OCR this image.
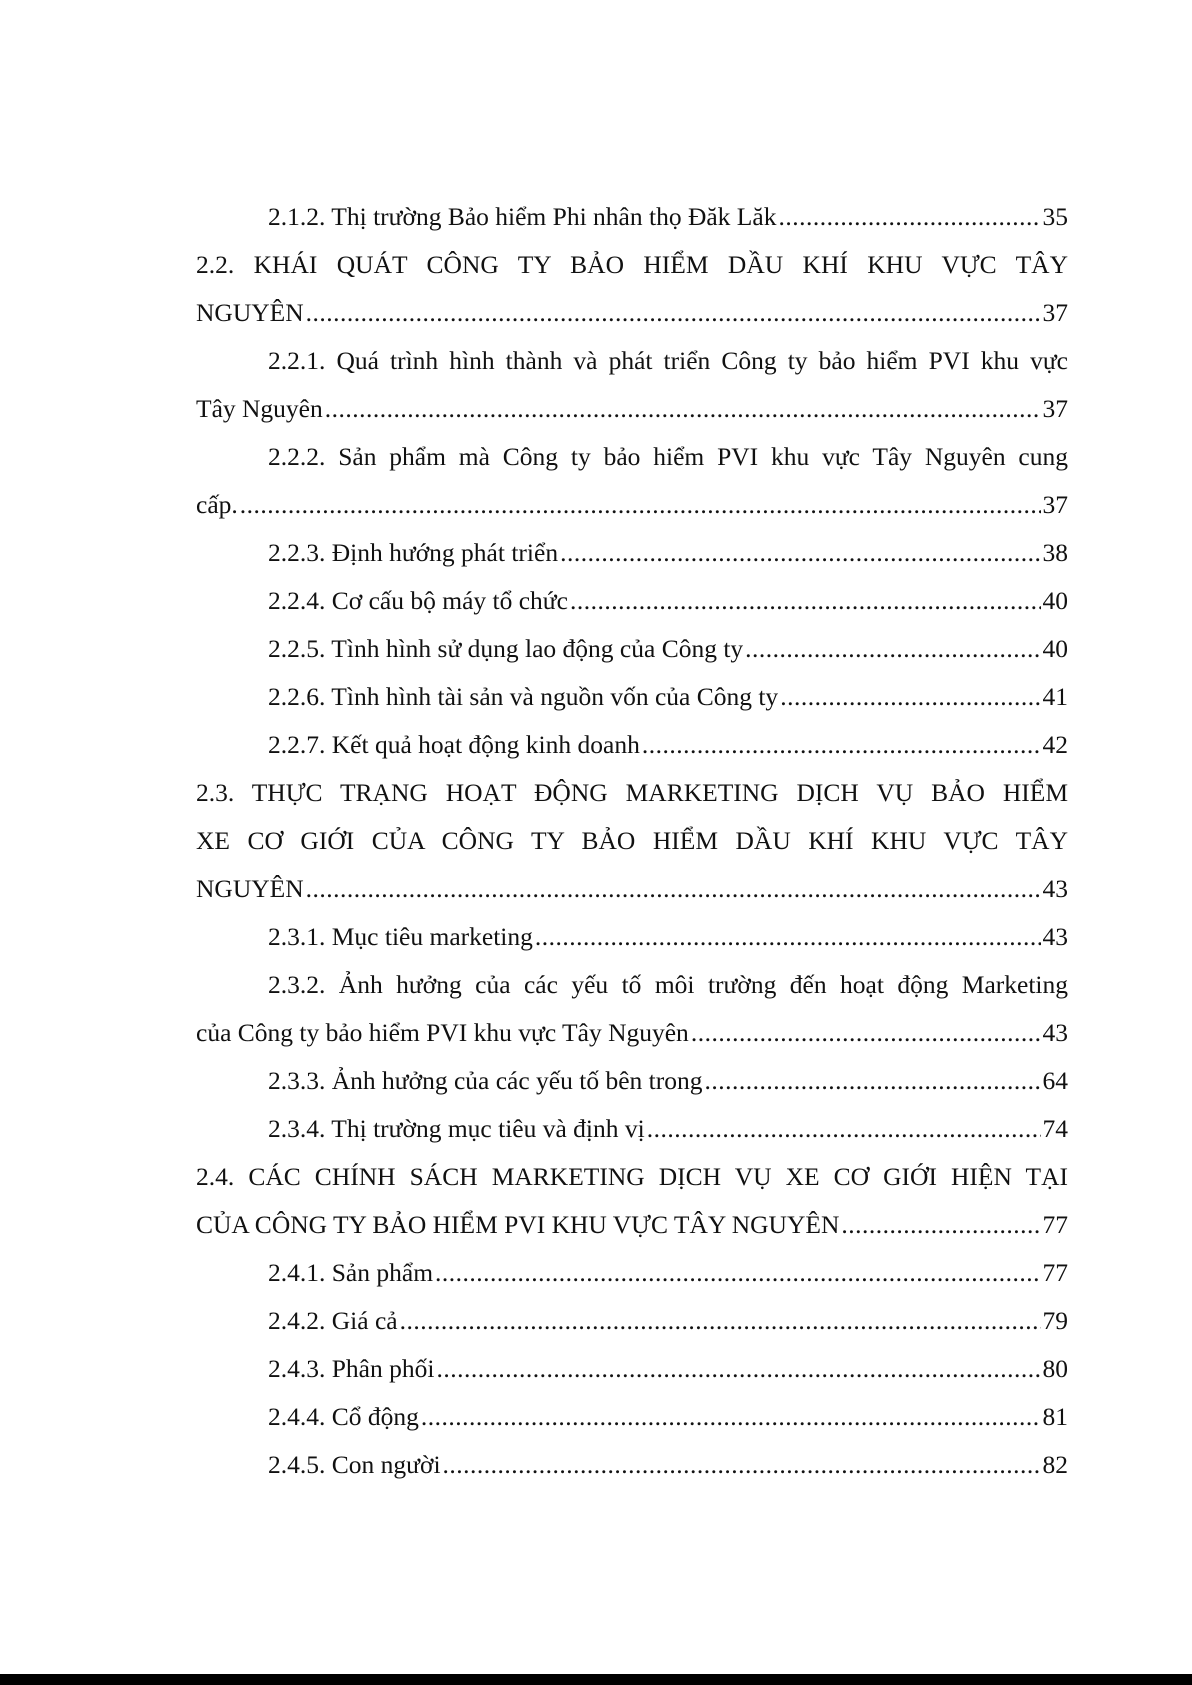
2.1.2. Thị trường Bảo hiểm Phi nhân thọ Đăk Lăk .....	35
2.2. KHÁI QUÁT CÔNG TY BẢO HIỂM DẦU KHÍ KHU VỰC TÂY
NGUYÊN .....	37
2.2.1. Quá trình hình thành và phát triển Công ty bảo hiểm PVI khu vực
Tây Nguyên .....	37
2.2.2. Sản phẩm mà Công ty bảo hiểm PVI khu vực Tây Nguyên cung
cấp. .....	37
2.2.3. Định hướng phát triển .....	38
2.2.4. Cơ cấu bộ máy tổ chức .....	40
2.2.5. Tình hình sử dụng lao động của Công ty .....	40
2.2.6. Tình hình tài sản và nguồn vốn của Công ty .....	41
2.2.7. Kết quả hoạt động kinh doanh .....	42
2.3. THỰC TRẠNG HOẠT ĐỘNG MARKETING DỊCH VỤ BẢO HIỂM
XE CƠ GIỚI CỦA CÔNG TY BẢO HIỂM DẦU KHÍ KHU VỰC TÂY
NGUYÊN .....	43
2.3.1. Mục tiêu marketing .....	43
2.3.2. Ảnh hưởng của các yếu tố môi trường đến hoạt động Marketing
của Công ty bảo hiểm PVI khu vực Tây Nguyên .....	43
2.3.3. Ảnh hưởng của các yếu tố bên trong .....	64
2.3.4. Thị trường mục tiêu và định vị .....	74
2.4. CÁC CHÍNH SÁCH MARKETING DỊCH VỤ XE CƠ GIỚI HIỆN TẠI
CỦA CÔNG TY BẢO HIỂM PVI KHU VỰC TÂY NGUYÊN .....	77
2.4.1. Sản phẩm .....	77
2.4.2. Giá cả .....	79
2.4.3. Phân phối .....	80
2.4.4. Cổ động .....	81
2.4.5. Con người .....	82
